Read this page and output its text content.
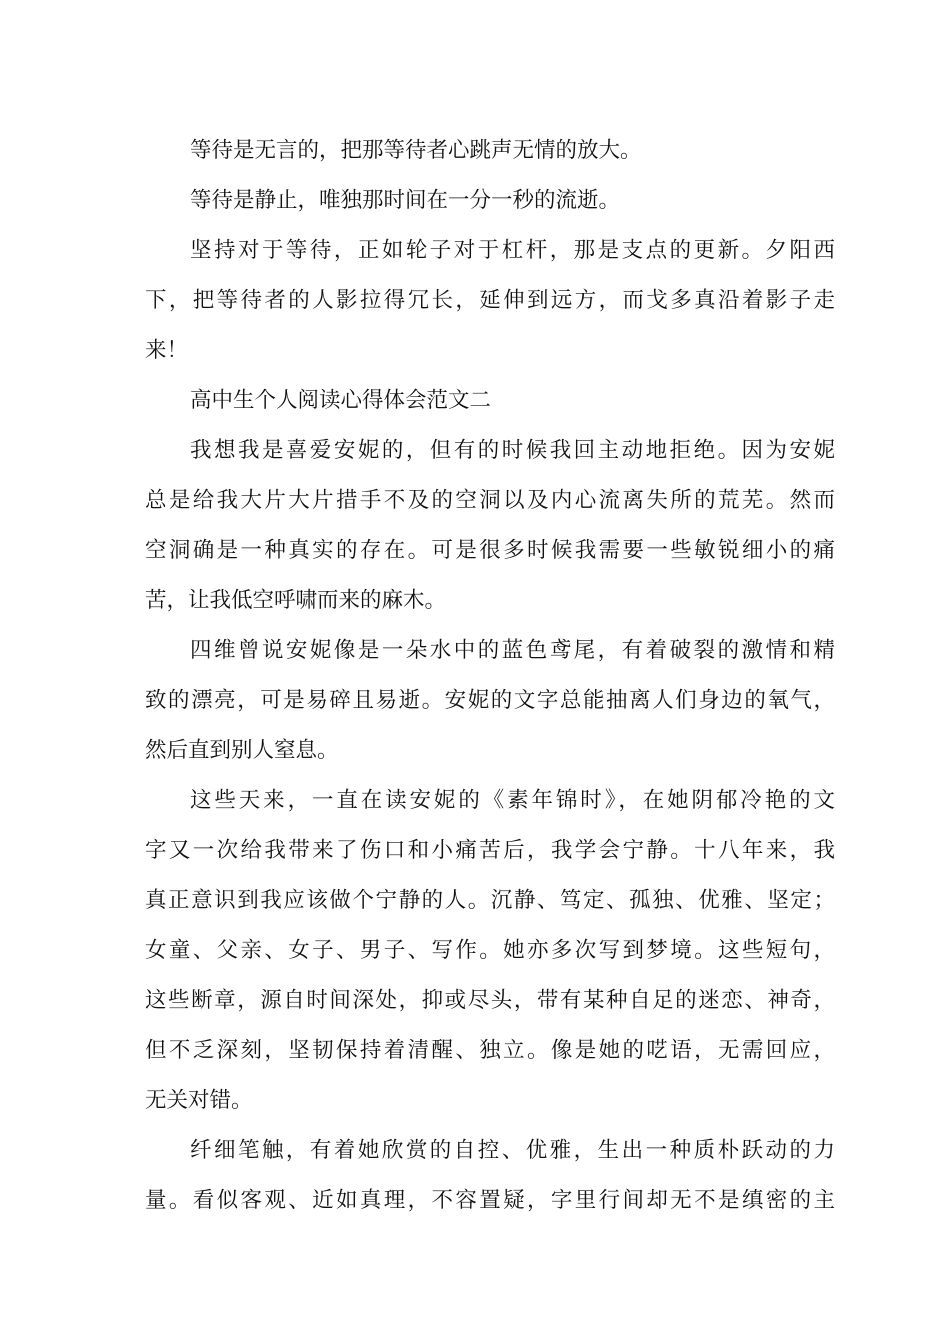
等待是无言的，把那等待者心跳声无情的放大。
等待是静止，唯独那时间在一分一秒的流逝。
坚持对于等待，正如轮子对于杠杆，那是支点的更新。夕阳西
下，把等待者的人影拉得冗长，延伸到远方，而戈多真沿着影子走
来！
高中生个人阅读心得体会范文二
我想我是喜爱安妮的，但有的时候我回主动地拒绝。因为安妮
总是给我大片大片措手不及的空洞以及内心流离失所的荒芜。然而
空洞确是一种真实的存在。可是很多时候我需要一些敏锐细小的痛
苦，让我低空呼啸而来的麻木。
四维曾说安妮像是一朵水中的蓝色鸢尾，有着破裂的激情和精
致的漂亮，可是易碎且易逝。安妮的文字总能抽离人们身边的氧气，
然后直到别人窒息。
这些天来，一直在读安妮的《素年锦时》，在她阴郁冷艳的文
字又一次给我带来了伤口和小痛苦后，我学会宁静。十八年来，我
真正意识到我应该做个宁静的人。沉静、笃定、孤独、优雅、坚定；
女童、父亲、女子、男子、写作。她亦多次写到梦境。这些短句，
这些断章，源自时间深处，抑或尽头，带有某种自足的迷恋、神奇，
但不乏深刻，坚韧保持着清醒、独立。像是她的呓语，无需回应，
无关对错。
纤细笔触，有着她欣赏的自控、优雅，生出一种质朴跃动的力
量。看似客观、近如真理，不容置疑，字里行间却无不是缜密的主
